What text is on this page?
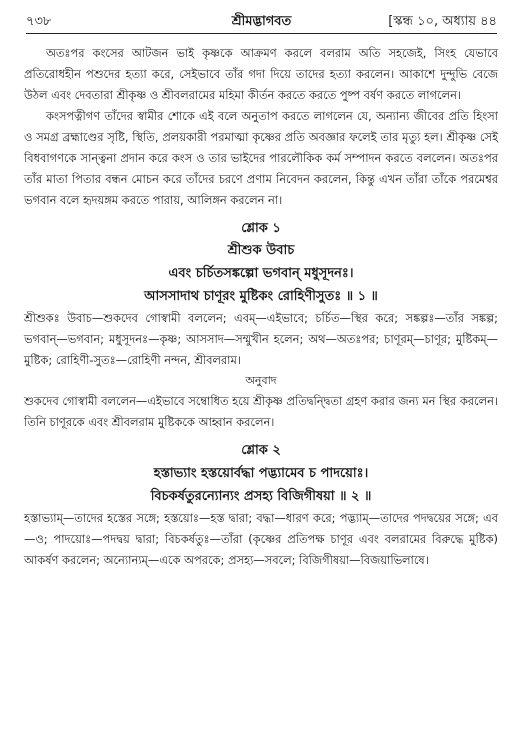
৭৩৮	শ্রীমদ্ভাগবত	[স্কন্ধ ১০, অধ্যায় ৪৪

অতঃপর কংসের আটজন ভাই কৃষ্ণকে আক্রমণ করলে বলরাম অতি সহজেই, সিংহ যেভাবে প্রতিরোধহীন পশুদের হত্যা করে, সেইভাবে তাঁর গদা দিয়ে তাদের হত্যা করলেন। আকাশে দুন্দুভি বেজে উঠল এবং দেবতারা শ্রীকৃষ্ণ ও শ্রীবলরামের মহিমা কীর্তন করতে করতে পুষ্প বর্ষণ করতে লাগলেন।

কংসপত্নীগণ তাঁদের স্বামীর শোকে এই বলে অনুতাপ করতে লাগলেন যে, অন্যান্য জীবের প্রতি হিংসা ও সমগ্র ব্রহ্মাণ্ডের সৃষ্টি, স্থিতি, প্রলয়কারী পরমাত্মা কৃষ্ণের প্রতি অবজ্ঞার ফলেই তার মৃত্যু হল। শ্রীকৃষ্ণ সেই বিধবাগণকে সান্ত্বনা প্রদান করে কংস ও তার ভাইদের পারলৌকিক কর্ম সম্পাদন করতে বললেন। অতঃপর তাঁর মাতা পিতার বন্ধন মোচন করে তাঁদের চরণে প্রণাম নিবেদন করলেন, কিন্তু এখন তাঁরা তাঁকে পরমেশ্বর ভগবান বলে হৃদয়ঙ্গম করতে পারায়, আলিঙ্গন করলেন না।

শ্লোক ১
শ্রীশুক উবাচ
এবং চর্চিতসঙ্কল্পো ভগবান্ মধুসূদনঃ।
আসসাদাথ চাণূরং মুষ্টিকং রোহিণীসুতঃ ॥ ১ ॥

শ্রীশুকঃ উবাচ—শুকদেব গোস্বামী বললেন; এবম্—এইভাবে; চর্চিত—স্থির করে; সঙ্কল্পঃ—তাঁর সঙ্কল্প; ভগবান্—ভগবান; মধুসূদনঃ—কৃষ্ণ; আসসাদ—সম্মুখীন হলেন; অথ—অতঃপর; চাণূরম্—চাণূর; মুষ্টিকম্—মুষ্টিক; রোহিণী-সুতঃ—রোহিণী নন্দন, শ্রীবলরাম।

অনুবাদ

শুকদেব গোস্বামী বললেন—এইভাবে সম্বোধিত হয়ে শ্রীকৃষ্ণ প্রতিদ্বন্দ্বিতা গ্রহণ করার জন্য মন স্থির করলেন। তিনি চাণূরকে এবং শ্রীবলরাম মুষ্টিককে আহ্বান করলেন।

শ্লোক ২
হস্তাভ্যাং হস্তয়োর্বদ্ধা পদ্ভ্যামেব চ পাদয়োঃ।
বিচকর্ষতুরন্যোন্যং প্রসহ্য বিজিগীষয়া ॥ ২ ॥

হস্তাভ্যাম্—তাদের হস্তের সঙ্গে; হস্তয়োঃ—হস্ত দ্বারা; বদ্ধা—ধারণ করে; পদ্ভ্যাম্—তাদের পদদ্বয়ের সঙ্গে; এব—ও; পাদয়োঃ—পদদ্বয় দ্বারা; বিচকর্ষতুঃ—তাঁরা (কৃষ্ণের প্রতিপক্ষ চাণূর এবং বলরামের বিরুদ্ধে মুষ্টিক) আকর্ষণ করলেন; অন্যোন্যম্—একে অপরকে; প্রসহ্য—সবলে; বিজিগীষয়া—বিজয়াভিলাষে।
